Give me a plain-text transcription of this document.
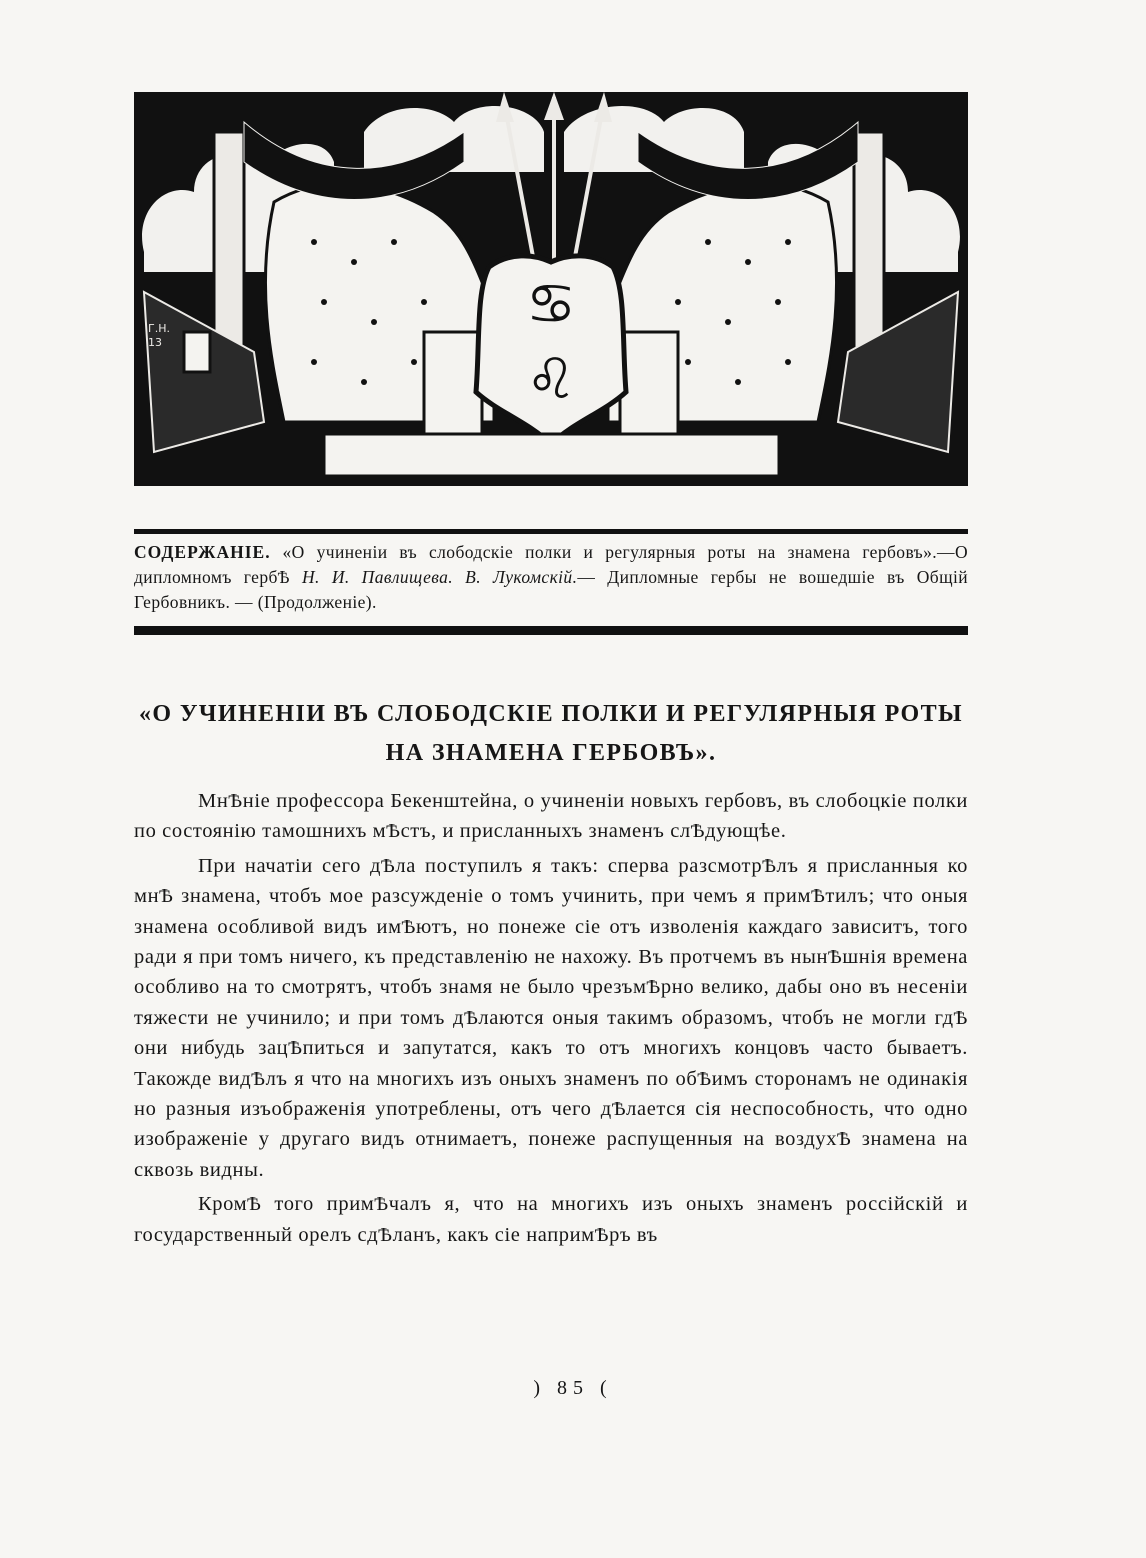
Г.Н.
13
♋
♌
СОДЕРЖАНІЕ. «О учиненіи въ слободскіе полки и регулярныя роты на знамена гербовъ».—О дипломномъ гербѢ Н. И. Павлищева. В. Лукомскій.— Дипломные гербы не вошедшіе въ Общій Гербовникъ. — (Продолженіе).
«О УЧИНЕНІИ ВЪ СЛОБОДСКІЕ ПОЛКИ И РЕГУЛЯРНЫЯ РОТЫ
НА ЗНАМЕНА ГЕРБОВЪ».

МнѢніе профессора Бекенштейна, о учиненіи новыхъ гербовъ, въ слобоцкіе полки по состоянію тамошнихъ мѢстъ, и присланныхъ знаменъ слѢдующѣе.

При начатіи сего дѢла поступилъ я такъ: сперва разсмотрѢлъ я присланныя ко мнѢ знамена, чтобъ мое разсужденіе о томъ учинить, при чемъ я примѢтилъ; что оныя знамена особливой видъ имѢютъ, но понеже сіе отъ изволенія каждаго зависитъ, того ради я при томъ ничего, къ представленію не нахожу. Въ протчемъ въ нынѢшнія времена особливо на то смотрятъ, чтобъ знамя не было чрезъмѢрно велико, дабы оно въ несеніи тяжести не учинило; и при томъ дѢлаются оныя такимъ образомъ, чтобъ не могли гдѢ они нибудь зацѢпиться и запутатся, какъ то отъ многихъ концовъ часто бываетъ. Такожде видѢлъ я что на многихъ изъ оныхъ знаменъ по обѢимъ сторонамъ не одинакія но разныя изъображенія употреблены, отъ чего дѢлается сія неспособность, что одно изображеніе у другаго видъ отнимаетъ, понеже распущенныя на воздухѢ знамена на сквозь видны.

КромѢ того примѢчалъ я, что на многихъ изъ оныхъ знаменъ россійскій и государственный орелъ сдѢланъ, какъ сіе напримѢръ въ

) 85 (
